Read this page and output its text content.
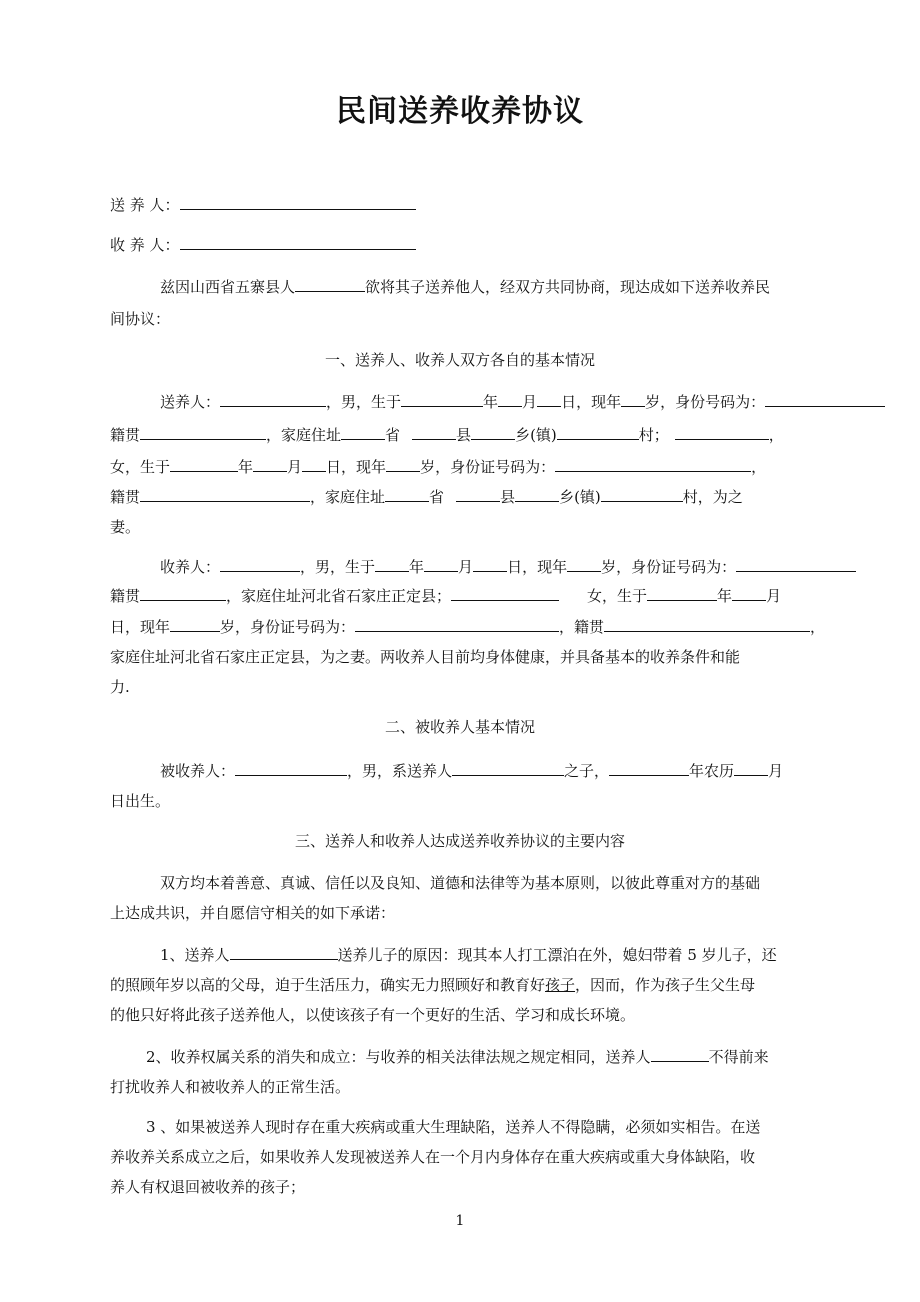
民间送养收养协议
送 养 人：
收 养 人：
兹因山西省五寨县人	欲将其子送养他人，经双方共同协商，现达成如下送养收养民
间协议：
一、送养人、收养人双方各自的基本情况
送养人：	，男，生于	年 月 日，现年 岁，身份号码为：
籍贯	，家庭住址	省	县	乡(镇)	村；	，
女，生于	年 月 日，现年 岁，身份证号码为：	，
籍贯	，家庭住址	省	县	乡(镇)	村，为之
妻。
收养人：	，男，生于 年 月 日，现年 岁，身份证号码为：
籍贯	，家庭住址河北省石家庄正定县；	女，生于	年 月
日，现年	岁，身份证号码为：	，籍贯	，
家庭住址河北省石家庄正定县，为之妻。两收养人目前均身体健康，并具备基本的收养条件和能
力.
二、被收养人基本情况
被收养人：	，男，系送养人	之子，	年农历 月
日出生。
三、送养人和收养人达成送养收养协议的主要内容
双方均本着善意、真诚、信任以及良知、道德和法律等为基本原则，以彼此尊重对方的基础
上达成共识，并自愿信守相关的如下承诺：
1、送养人	送养儿子的原因：现其本人打工漂泊在外，媳妇带着 5 岁儿子，还
的照顾年岁以高的父母，迫于生活压力，确实无力照顾好和教育好孩子，因而，作为孩子生父生母
的他只好将此孩子送养他人，以使该孩子有一个更好的生活、学习和成长环境。
2、收养权属关系的消失和成立：与收养的相关法律法规之规定相同，送养人	不得前来
打扰收养人和被收养人的正常生活。
3 、如果被送养人现时存在重大疾病或重大生理缺陷，送养人不得隐瞒，必须如实相告。在送
养收养关系成立之后，如果收养人发现被送养人在一个月内身体存在重大疾病或重大身体缺陷，收
养人有权退回被收养的孩子；
1
